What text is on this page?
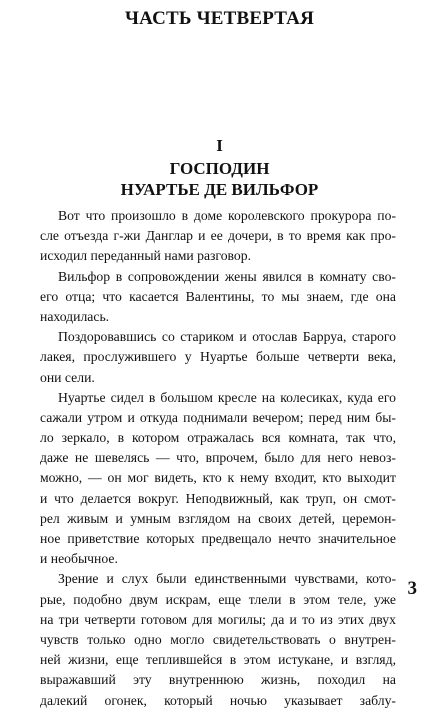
ЧАСТЬ ЧЕТВЕРТАЯ
I
ГОСПОДИН
НУАРТЬЕ ДЕ ВИЛЬФОР
Вот что произошло в доме королевского прокурора по-
сле отъезда г-жи Данглар и ее дочери, в то время как про-
исходил переданный нами разговор.
Вильфор в сопровождении жены явился в комнату сво-
его отца; что касается Валентины, то мы знаем, где она
находилась.
Поздоровавшись со стариком и отослав Барруа, старого
лакея, прослужившего у Нуартье больше четверти века,
они сели.
Нуартье сидел в большом кресле на колесиках, куда его
сажали утром и откуда поднимали вечером; перед ним бы-
ло зеркало, в котором отражалась вся комната, так что,
даже не шевелясь — что, впрочем, было для него невоз-
можно, — он мог видеть, кто к нему входит, кто выходит
и что делается вокруг. Неподвижный, как труп, он смот-
рел живым и умным взглядом на своих детей, церемон-
ное приветствие которых предвещало нечто значительное
и необычное.
Зрение и слух были единственными чувствами, кото-
рые, подобно двум искрам, еще тлели в этом теле, уже
на три четверти готовом для могилы; да и то из этих двух
чувств только одно могло свидетельствовать о внутрен-
ней жизни, еще теплившейся в этом истукане, и взгляд,
выражавший эту внутреннюю жизнь, походил на
далекий огонек, который ночью указывает заблу-
3
